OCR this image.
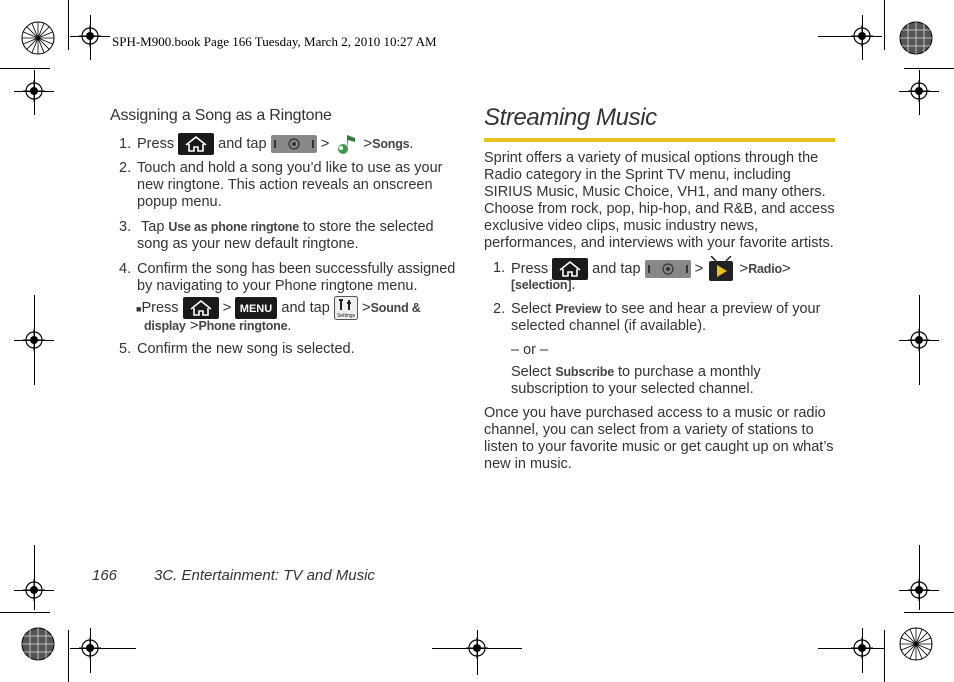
SPH-M900.book Page 166 Tuesday, March 2, 2010 10:27 AM
Assigning a Song as a Ringtone
1. Press	and tap	> >Songs.
2. Touch and hold a song you’d like to use as your
new ringtone. This action reveals an onscreen
popup menu.
3. Tap Use as phone ringtone to store the selected
song as your new default ringtone.
4. Confirm the song has been successfully assigned
by navigating to your Phone ringtone menu.
■Press	> MENU and tap
Settings
>Sound &
display >Phone ringtone.
5. Confirm the new song is selected.
Streaming Music
Sprint offers a variety of musical options through the
Radio category in the Sprint TV menu, including
SIRIUS Music, Music Choice, VH1, and many others.
Choose from rock, pop, hip-hop, and R&B, and access
exclusive video clips, music industry news,
performances, and interviews with your favorite artists.
1. Press	and tap	> >Radio>
[selection].
2. Select Preview to see and hear a preview of your
selected channel (if available).
– or –
Select Subscribe to purchase a monthly
subscription to your selected channel.
Once you have purchased access to a music or radio
channel, you can select from a variety of stations to
listen to your favorite music or get caught up on what’s
new in music.
166 3C. Entertainment: TV and Music
